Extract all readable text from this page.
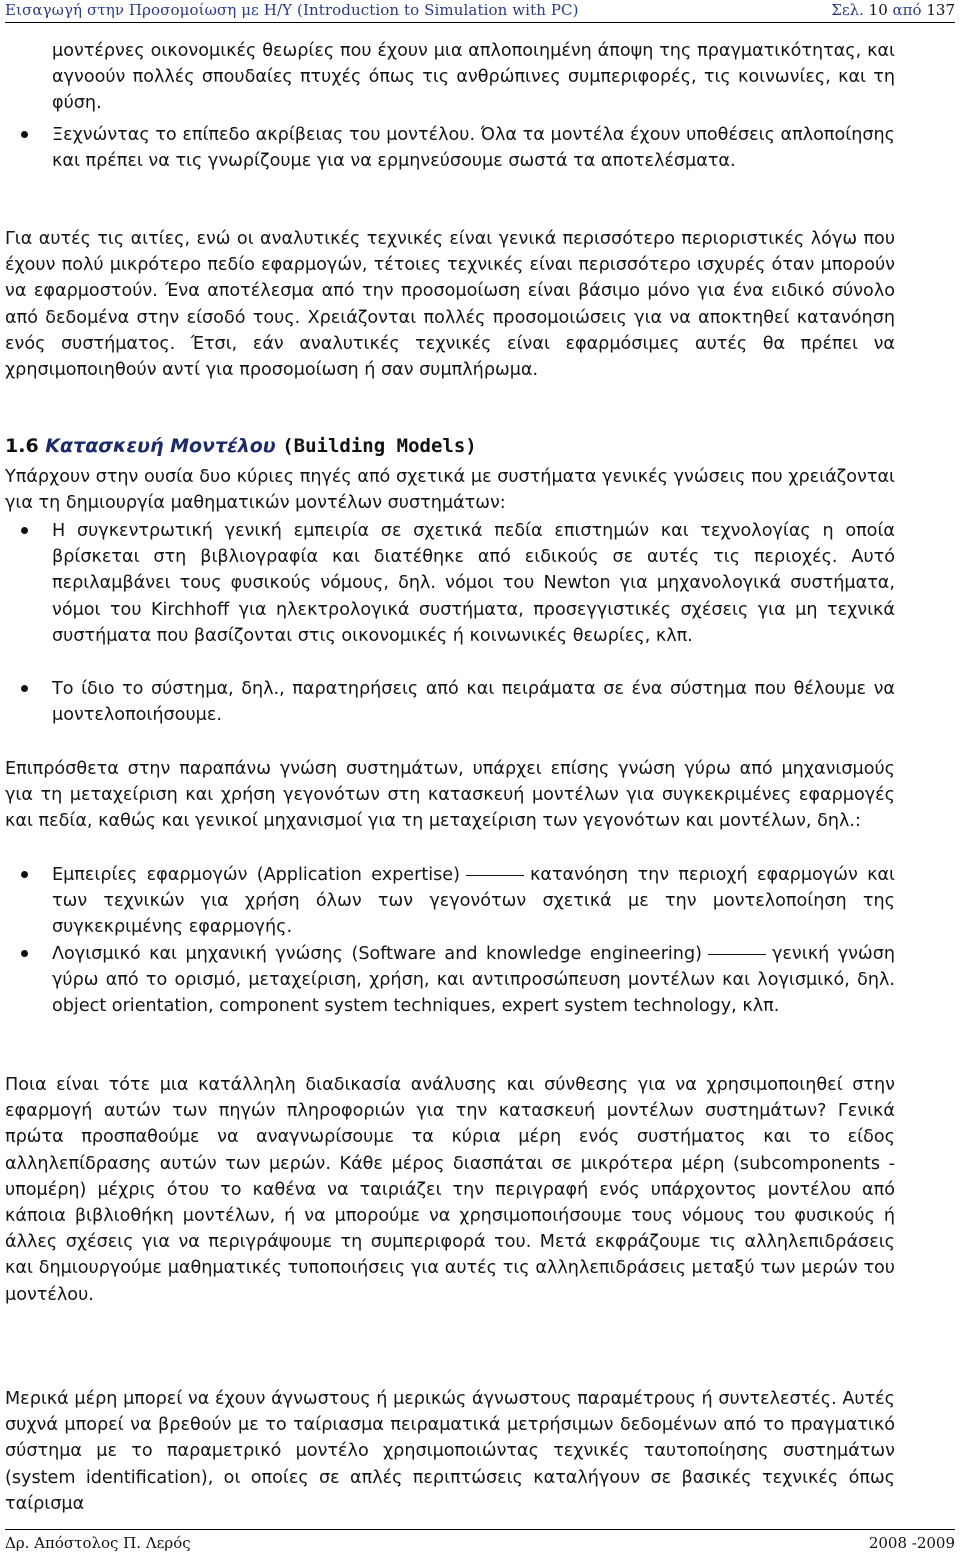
Εισαγωγή στην Προσομοίωση με Η/Υ (Introduction to Simulation with PC)	Σελ. 10 από 137

μοντέρνες οικονομικές θεωρίες που έχουν μια απλοποιημένη άποψη της πραγματικότητας, και αγνοούν πολλές σπουδαίες πτυχές όπως τις ανθρώπινες συμπεριφορές, τις κοινωνίες, και τη φύση.

Ξεχνώντας το επίπεδο ακρίβειας του μοντέλου. Όλα τα μοντέλα έχουν υποθέσεις απλοποίησης και πρέπει να τις γνωρίζουμε για να ερμηνεύσουμε σωστά τα αποτελέσματα.

Για αυτές τις αιτίες, ενώ οι αναλυτικές τεχνικές είναι γενικά περισσότερο περιοριστικές λόγω που έχουν πολύ μικρότερο πεδίο εφαρμογών, τέτοιες τεχνικές είναι περισσότερο ισχυρές όταν μπορούν να εφαρμοστούν. Ένα αποτέλεσμα από την προσομοίωση είναι βάσιμο μόνο για ένα ειδικό σύνολο από δεδομένα στην είσοδό τους. Χρειάζονται πολλές προσομοιώσεις για να αποκτηθεί κατανόηση ενός συστήματος. Έτσι, εάν αναλυτικές τεχνικές είναι εφαρμόσιμες αυτές θα πρέπει να χρησιμοποιηθούν αντί για προσομοίωση ή σαν συμπλήρωμα.

1.6 Κατασκευή Μοντέλου (Building Models)

Υπάρχουν στην ουσία δυο κύριες πηγές από σχετικά με συστήματα γενικές γνώσεις που χρειάζονται για τη δημιουργία μαθηματικών μοντέλων συστημάτων:

Η συγκεντρωτική γενική εμπειρία σε σχετικά πεδία επιστημών και τεχνολογίας η οποία βρίσκεται στη βιβλιογραφία και διατέθηκε από ειδικούς σε αυτές τις περιοχές. Αυτό περιλαμβάνει τους φυσικούς νόμους, δηλ. νόμοι του Newton για μηχανολογικά συστήματα, νόμοι του Kirchhoff για ηλεκτρολογικά συστήματα, προσεγγιστικές σχέσεις για μη τεχνικά συστήματα που βασίζονται στις οικονομικές ή κοινωνικές θεωρίες, κλπ.

Το ίδιο το σύστημα, δηλ., παρατηρήσεις από και πειράματα σε ένα σύστημα που θέλουμε να μοντελοποιήσουμε.

Επιπρόσθετα στην παραπάνω γνώση συστημάτων, υπάρχει επίσης γνώση γύρω από μηχανισμούς για τη μεταχείριση και χρήση γεγονότων στη κατασκευή μοντέλων για συγκεκριμένες εφαρμογές και πεδία, καθώς και γενικοί μηχανισμοί για τη μεταχείριση των γεγονότων και μοντέλων, δηλ.:

Εμπειρίες εφαρμογών (Application expertise)	κατανόηση την περιοχή εφαρμογών και των τεχνικών για χρήση όλων των γεγονότων σχετικά με την μοντελοποίηση της συγκεκριμένης εφαρμογής.

Λογισμικό και μηχανική γνώσης (Software and knowledge engineering)	γενική γνώση γύρω από το ορισμό, μεταχείριση, χρήση, και αντιπροσώπευση μοντέλων και λογισμικό, δηλ. object orientation, component system techniques, expert system technology, κλπ.

Ποια είναι τότε μια κατάλληλη διαδικασία ανάλυσης και σύνθεσης για να χρησιμοποιηθεί στην εφαρμογή αυτών των πηγών πληροφοριών για την κατασκευή μοντέλων συστημάτων? Γενικά πρώτα προσπαθούμε να αναγνωρίσουμε τα κύρια μέρη ενός συστήματος και το είδος αλληλεπίδρασης αυτών των μερών. Κάθε μέρος διασπάται σε μικρότερα μέρη (subcomponents - υπομέρη) μέχρις ότου το καθένα να ταιριάζει την περιγραφή ενός υπάρχοντος μοντέλου από κάποια βιβλιοθήκη μοντέλων, ή να μπορούμε να χρησιμοποιήσουμε τους νόμους του φυσικούς ή άλλες σχέσεις για να περιγράψουμε τη συμπεριφορά του. Μετά εκφράζουμε τις αλληλεπιδράσεις και δημιουργούμε μαθηματικές τυποποιήσεις για αυτές τις αλληλεπιδράσεις μεταξύ των μερών του μοντέλου.

Μερικά μέρη μπορεί να έχουν άγνωστους ή μερικώς άγνωστους παραμέτρους ή συντελεστές. Αυτές συχνά μπορεί να βρεθούν με το ταίριασμα πειραματικά μετρήσιμων δεδομένων από το πραγματικό σύστημα με το παραμετρικό μοντέλο χρησιμοποιώντας τεχνικές ταυτοποίησης συστημάτων (system identification), οι οποίες σε απλές περιπτώσεις καταλήγουν σε βασικές τεχνικές όπως ταίρισμα

Δρ. Απόστολος Π. Λερός	2008 -2009
